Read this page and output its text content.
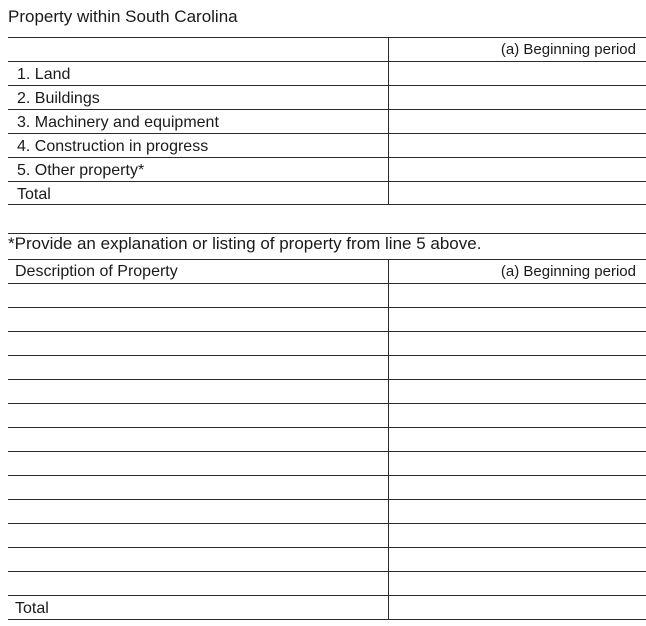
Property within South Carolina
(a) Beginning period
1. Land
2. Buildings
3. Machinery and equipment
4. Construction in progress
5. Other property*
Total
*Provide an explanation or listing of property from line 5 above.
Description of Property	(a) Beginning period
Total
